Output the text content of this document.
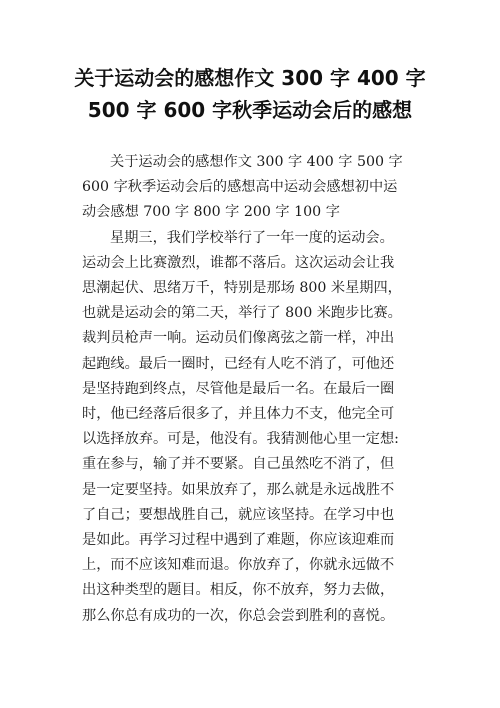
关于运动会的感想作文 300 字 400 字
500 字 600 字秋季运动会后的感想

关于运动会的感想作文 300 字 400 字 500 字
600 字秋季运动会后的感想高中运动会感想初中运
动会感想 700 字 800 字 200 字 100 字

星期三，我们学校举行了一年一度的运动会。
运动会上比赛激烈，谁都不落后。这次运动会让我
思潮起伏、思绪万千，特别是那场 800 米星期四，
也就是运动会的第二天，举行了 800 米跑步比赛。
裁判员枪声一响。运动员们像离弦之箭一样，冲出
起跑线。最后一圈时，已经有人吃不消了，可他还
是坚持跑到终点，尽管他是最后一名。在最后一圈
时，他已经落后很多了，并且体力不支，他完全可
以选择放弃。可是，他没有。我猜测他心里一定想:
重在参与，输了并不要紧。自己虽然吃不消了，但
是一定要坚持。如果放弃了，那么就是永远战胜不
了自己；要想战胜自己，就应该坚持。在学习中也
是如此。再学习过程中遇到了难题，你应该迎难而
上，而不应该知难而退。你放弃了，你就永远做不
出这种类型的题目。相反，你不放弃，努力去做，
那么你总有成功的一次，你总会尝到胜利的喜悦。
